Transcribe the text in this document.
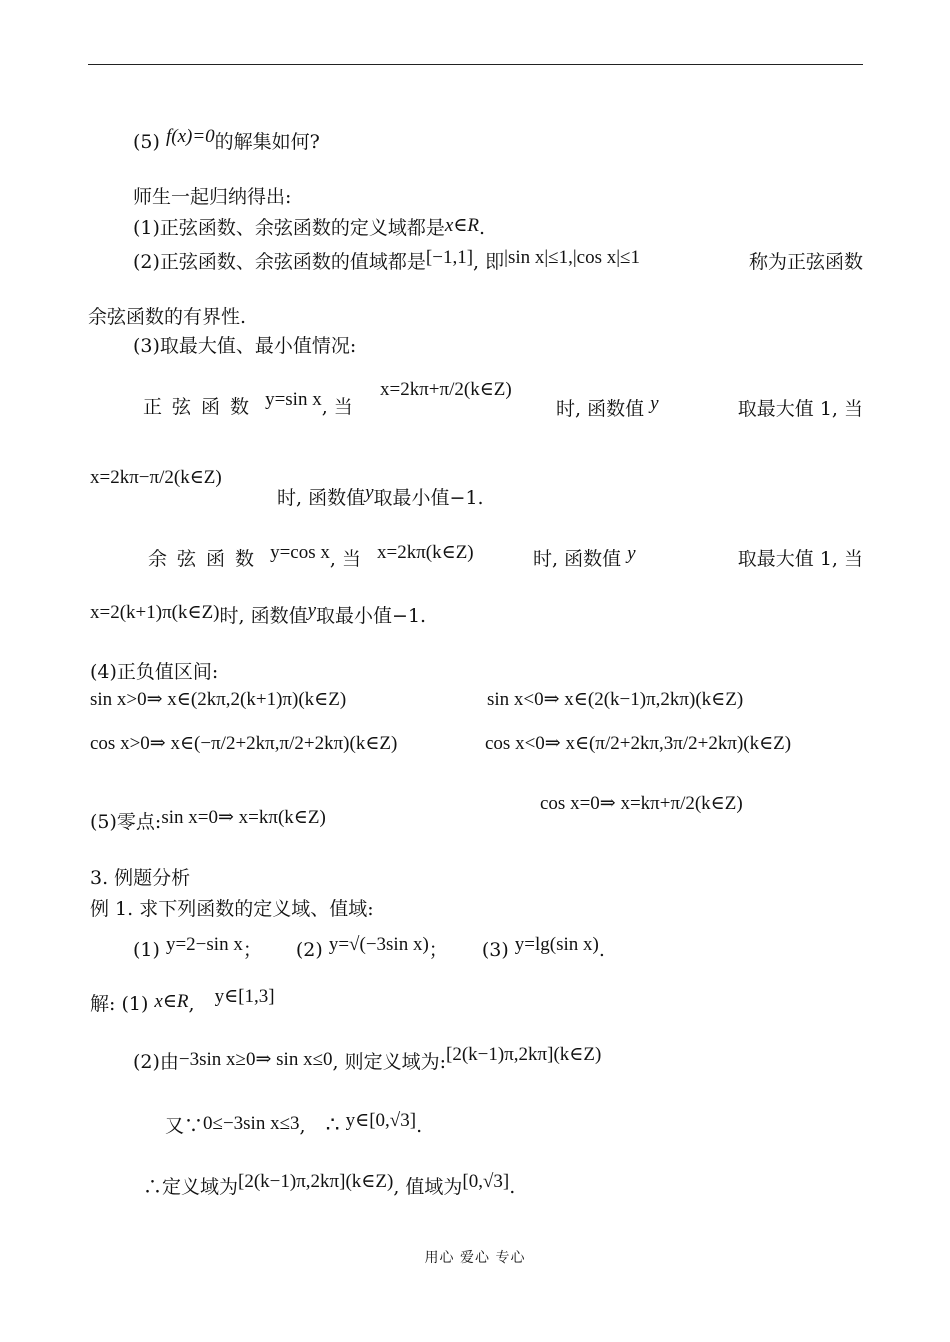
(5) f(x)=0的解集如何?
师生一起归纳得出:
(1)正弦函数、余弦函数的定义域都是x∈R.
(2)正弦函数、余弦函数的值域都是[−1,1], 即|sin x|≤1,|cos x|≤1	称为正弦函数
余弦函数的有界性.
(3)取最大值、最小值情况:
正弦函数 y=sin x, 当
x=2kπ+π/2(k∈Z)
时, 函数值 y	取最大值 1, 当
x=2kπ−π/2(k∈Z)
时, 函数值y取最小值−1.
余弦函数 y=cos x, 当 x=2kπ(k∈Z)	时, 函数值 y	取最大值 1, 当
x=2(k+1)π(k∈Z)时, 函数值y取最小值−1.
(4)正负值区间:
sin x>0⇒ x∈(2kπ,2(k+1)π)(k∈Z)	sin x<0⇒ x∈(2(k−1)π,2kπ)(k∈Z)
cos x>0⇒ x∈(−π/2+2kπ,π/2+2kπ)(k∈Z)	cos x<0⇒ x∈(π/2+2kπ,3π/2+2kπ)(k∈Z)
cos x=0⇒ x=kπ+π/2(k∈Z)
(5)零点:sin x=0⇒ x=kπ(k∈Z)
3. 例题分析
例 1. 求下列函数的定义域、值域:
(1) y=2−sin x； (2) y=√(−3sin x)； (3) y=lg(sin x).
解: (1) x∈R, y∈[1,3]
(2)由−3sin x≥0⇒ sin x≤0, 则定义域为:[2(k−1)π,2kπ](k∈Z)
又∵0≤−3sin x≤3, ∴ y∈[0,√3].
∴定义域为[2(k−1)π,2kπ](k∈Z), 值域为[0,√3].
用心 爱心 专心
